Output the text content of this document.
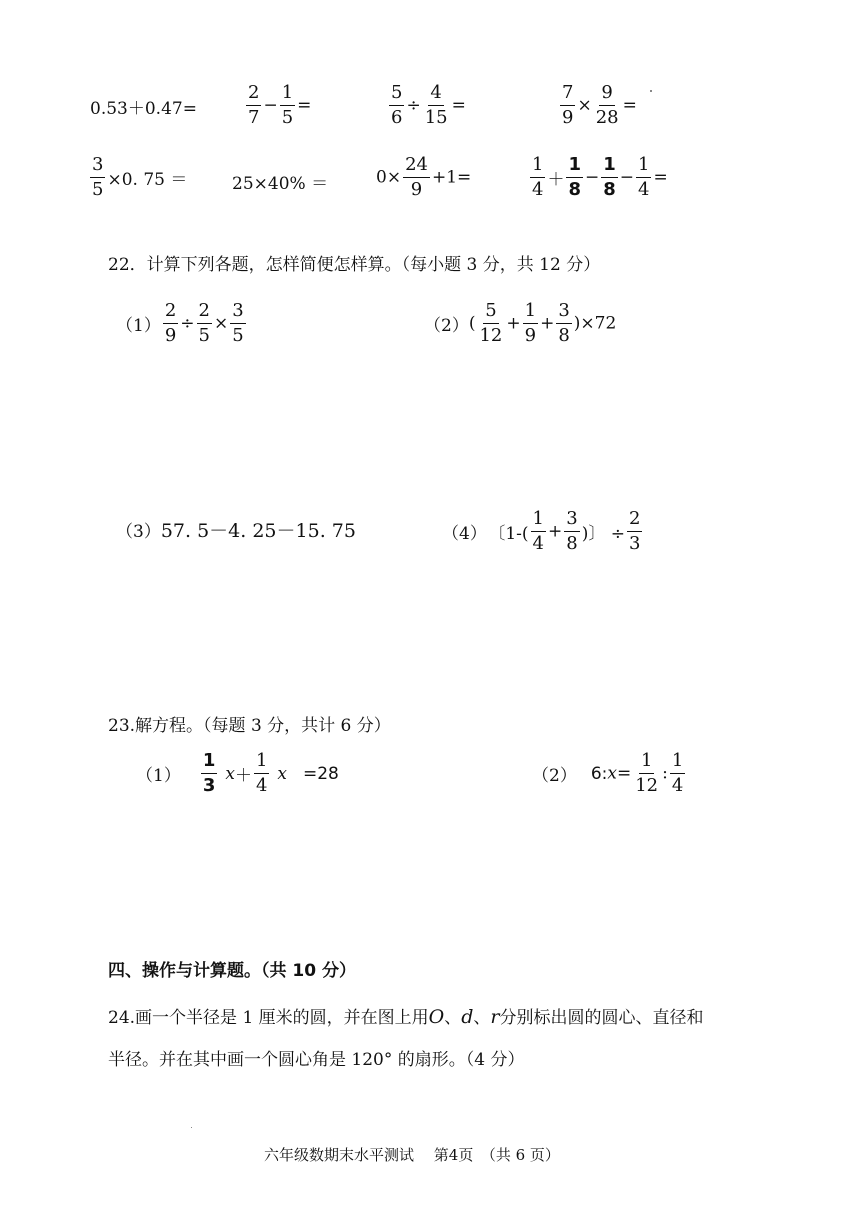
0.53＋0.47=	$\frac{2}{7} - \frac{1}{5}$ =	$\frac{5}{6} \div \frac{4}{15}$ =	$\frac{7}{9} \times \frac{9}{28}$ =
$\frac{3}{5} \times 0$. 75 ＝	25×40% ＝	$0\times \frac{24}{9} +1=$	$\frac{1}{4} + \frac{1}{8} - \frac{1}{8} - \frac{1}{4}$ =
22．计算下列各题，怎样简便怎样算。（每小题 3 分，共 12 分）
$(1) \frac{2}{9} \div \frac{2}{5} \times \frac{3}{5}$	$(2)( \frac{5}{12} + \frac{1}{9} + \frac{3}{8} )\times 72$
（3）57. 5－4. 25－15. 75	（4） 〔$1-( \frac{1}{4} + \frac{3}{8}$ )〕 ÷ $\frac{2}{3}$
23.解方程。（每题 3 分，共计 6 分）
$(1) \frac{1}{3} x+ \frac{1}{4}$ x =28	（2） 6:x= $\frac{1}{12}$ : $\frac{1}{4}$
四、操作与计算题。（共 10 分）
24.画一个半径是 1 厘米的圆，并在图上用O、d、r分别标出圆的圆心、直径和
半径。并在其中画一个圆心角是 120° 的扇形。（4 分）
六年级数期末水平测试　 第4页　（共 6 页）
